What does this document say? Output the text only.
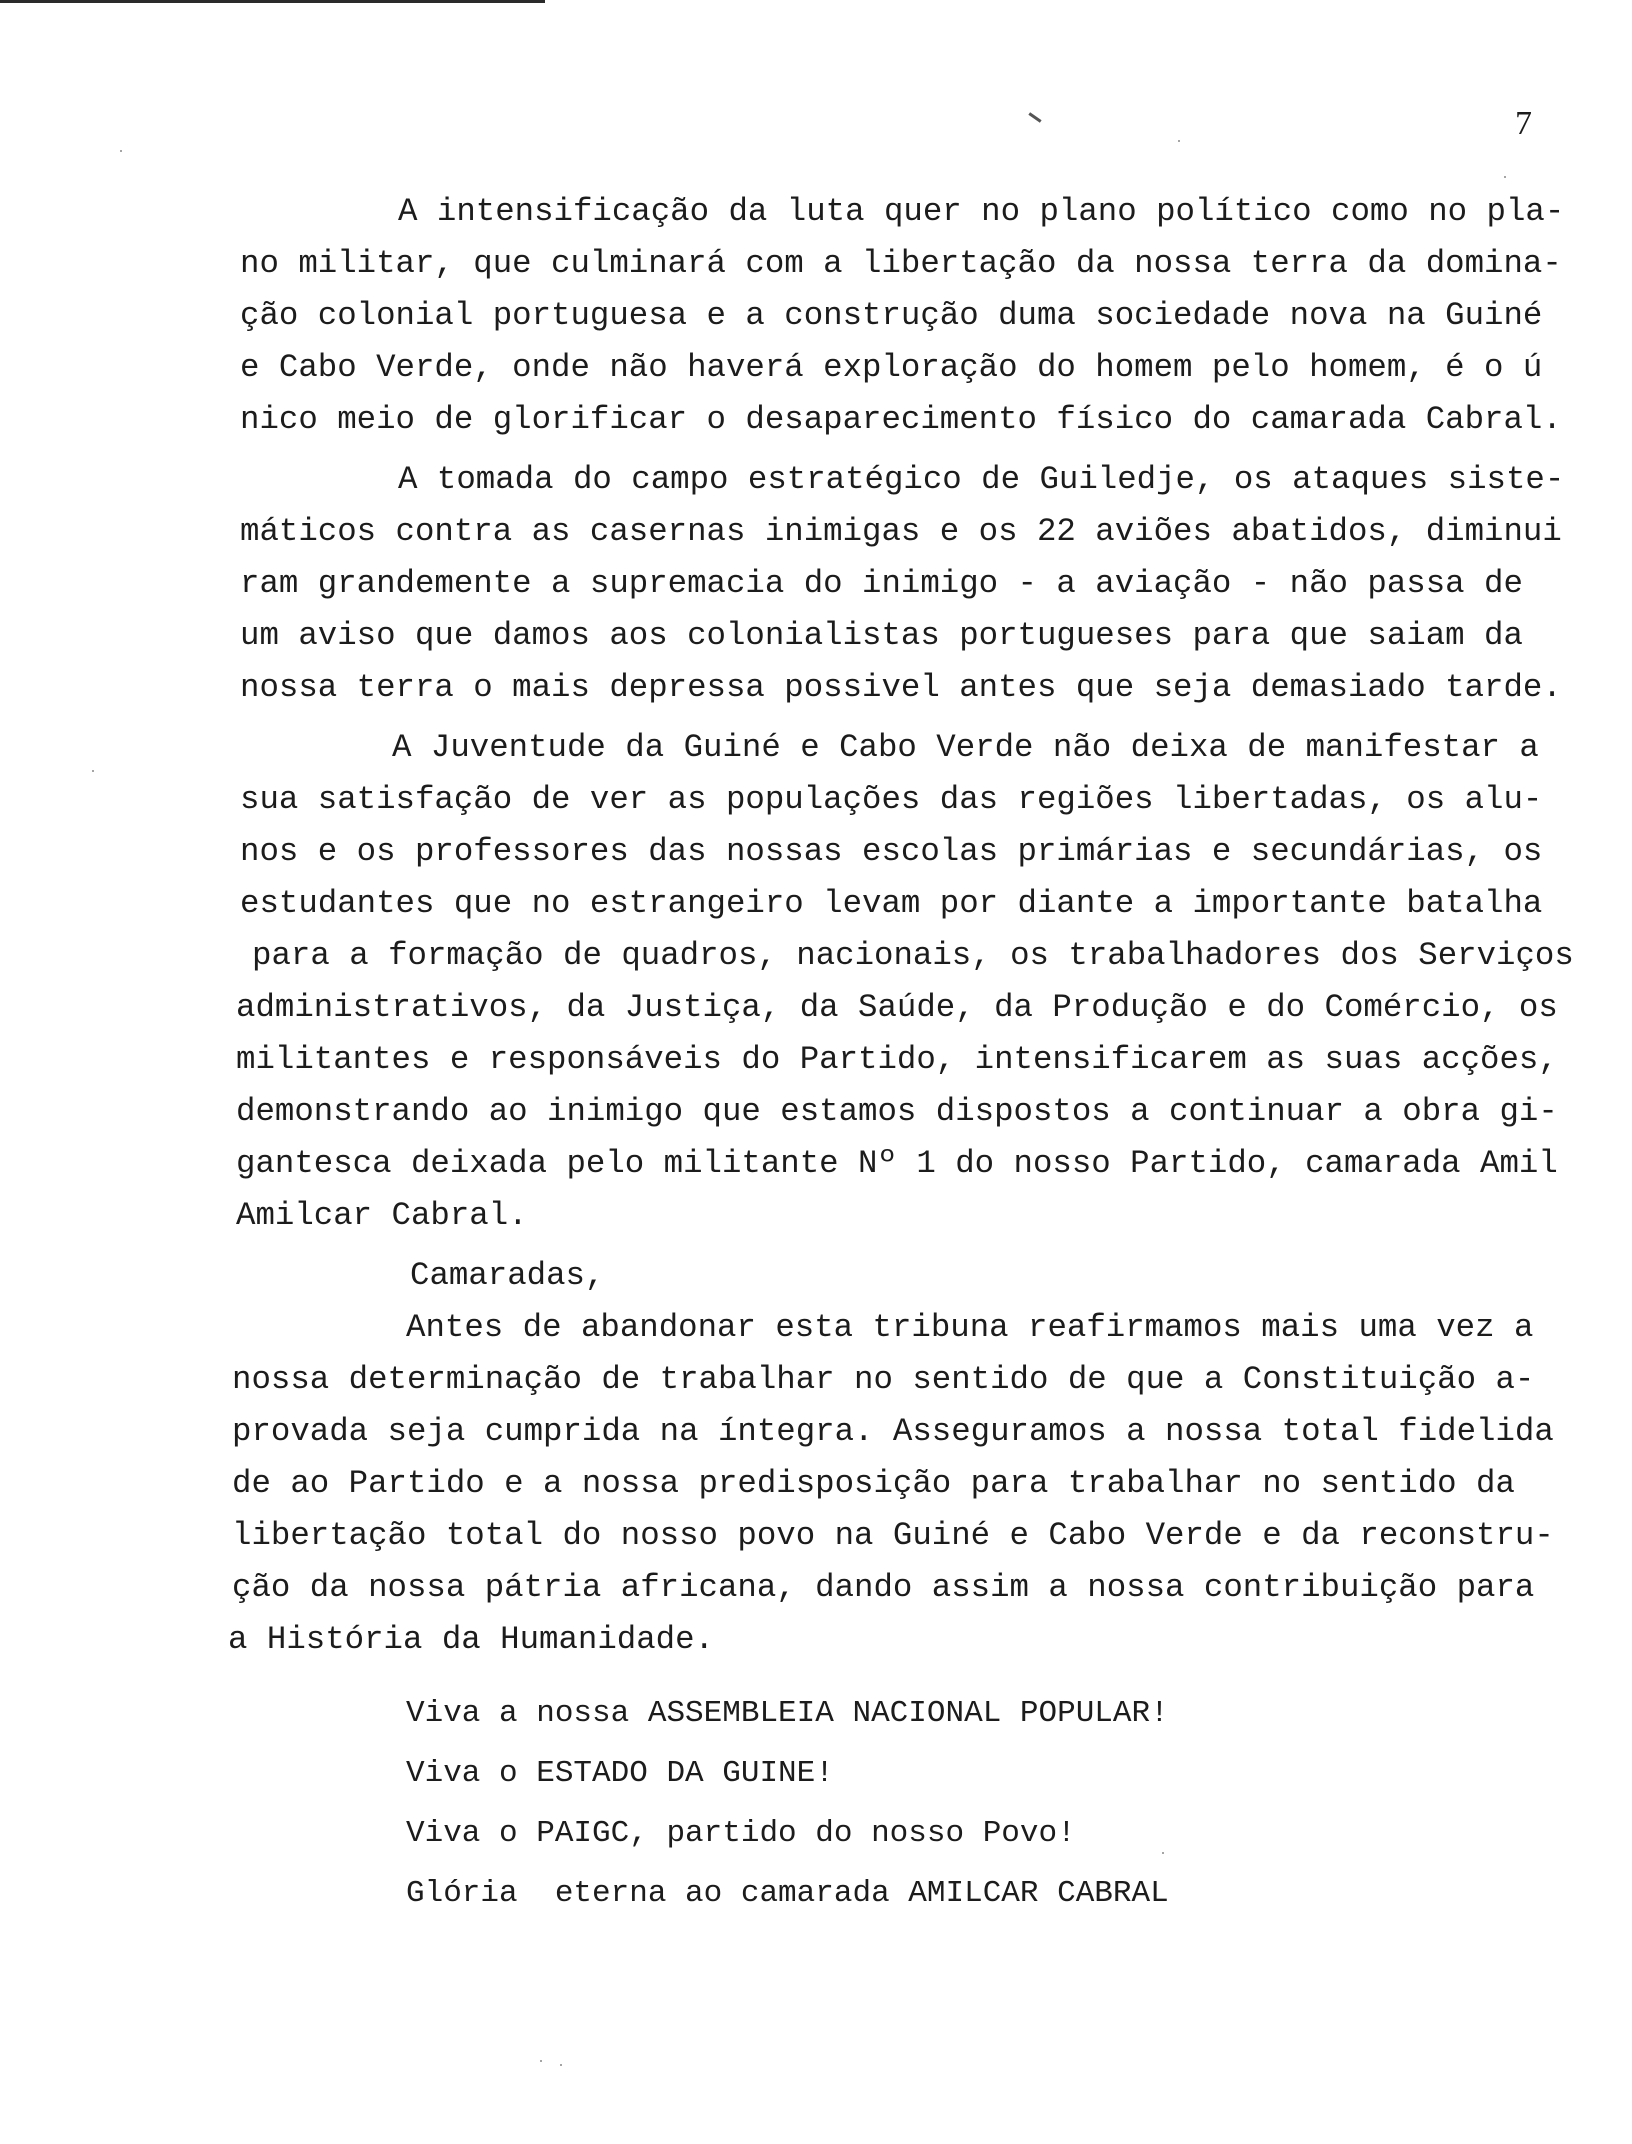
7
A intensificação da luta quer no plano político como no pla-
no militar, que culminará com a libertação da nossa terra da domina-
ção colonial portuguesa e a construção duma sociedade nova na Guiné
e Cabo Verde, onde não haverá exploração do homem pelo homem, é o ú
nico meio de glorificar o desaparecimento físico do camarada Cabral.
A tomada do campo estratégico de Guiledje, os ataques siste-
máticos contra as casernas inimigas e os 22 aviões abatidos, diminui
ram grandemente a supremacia do inimigo - a aviação - não passa de
um aviso que damos aos colonialistas portugueses para que saiam da
nossa terra o mais depressa possivel antes que seja demasiado tarde.
A Juventude da Guiné e Cabo Verde não deixa de manifestar a
sua satisfação de ver as populações das regiões libertadas, os alu-
nos e os professores das nossas escolas primárias e secundárias, os
estudantes que no estrangeiro levam por diante a importante batalha
para a formação de quadros, nacionais, os trabalhadores dos Serviços
administrativos, da Justiça, da Saúde, da Produção e do Comércio, os
militantes e responsáveis do Partido, intensificarem as suas acções,
demonstrando ao inimigo que estamos dispostos a continuar a obra gi-
gantesca deixada pelo militante Nº 1 do nosso Partido, camarada Amil
Amilcar Cabral.
Camaradas,
Antes de abandonar esta tribuna reafirmamos mais uma vez a
nossa determinação de trabalhar no sentido de que a Constituição a-
provada seja cumprida na íntegra. Asseguramos a nossa total fidelida
de ao Partido e a nossa predisposição para trabalhar no sentido da
libertação total do nosso povo na Guiné e Cabo Verde e da reconstru-
ção da nossa pátria africana, dando assim a nossa contribuição para
a História da Humanidade.
Viva a nossa ASSEMBLEIA NACIONAL POPULAR!
Viva o ESTADO DA GUINE!
Viva o PAIGC, partido do nosso Povo!
Glória  eterna ao camarada AMILCAR CABRAL
